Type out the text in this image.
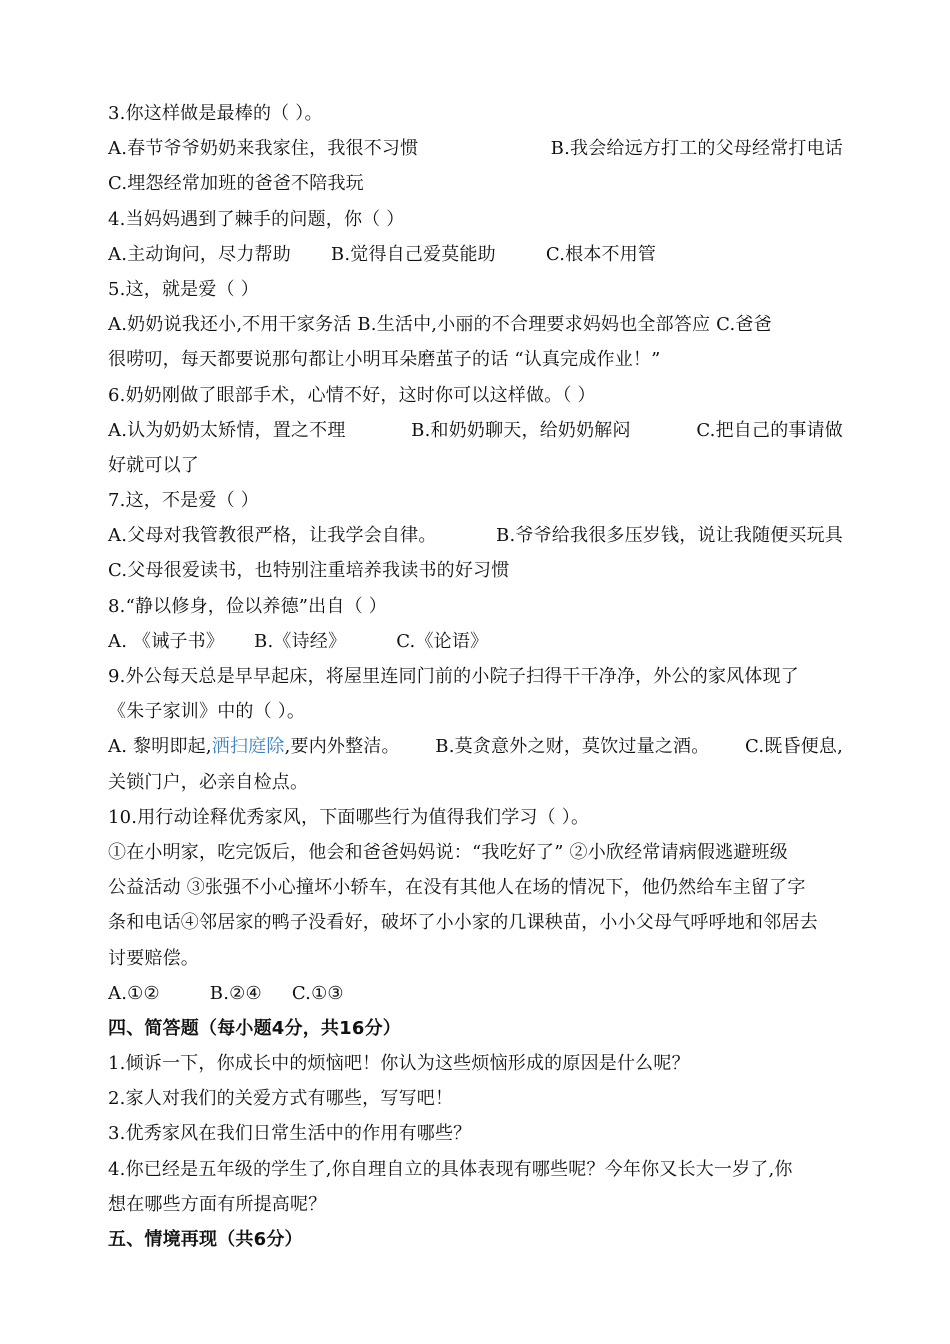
3.你这样做是最棒的（ ）。
A.春节爷爷奶奶来我家住，我很不习惯	B.我会给远方打工的父母经常打电话
C.埋怨经常加班的爸爸不陪我玩
4.当妈妈遇到了棘手的问题，你（ ）
A.主动询问，尽力帮助 B.觉得自己爱莫能助	C.根本不用管
5.这，就是爱（ ）
A.奶奶说我还小,不用干家务活 B.生活中,小丽的不合理要求妈妈也全部答应 C.爸爸
很唠叨，每天都要说那句都让小明耳朵磨茧子的话 “认真完成作业！”
6.奶奶刚做了眼部手术，心情不好，这时你可以这样做。（ ）
A.认为奶奶太矫情，置之不理	B.和奶奶聊天，给奶奶解闷	C.把自己的事请做
好就可以了
7.这，不是爱（ ）
A.父母对我管教很严格，让我学会自律。	B.爷爷给我很多压岁钱，说让我随便买玩具
C.父母很爱读书，也特别注重培养我读书的好习惯
8.“静以修身，俭以养德”出自（ ）
A. 《诫子书》 B.《诗经》	C.《论语》
9.外公每天总是早早起床，将屋里连同门前的小院子扫得干干净净，外公的家风体现了
《朱子家训》中的（ ）。
A. 黎明即起,洒扫庭除,要内外整洁。 B.莫贪意外之财，莫饮过量之酒。 C.既昏便息,
关锁门户，必亲自检点。
10.用行动诠释优秀家风，下面哪些行为值得我们学习（ ）。
①在小明家，吃完饭后，他会和爸爸妈妈说：“我吃好了” ②小欣经常请病假逃避班级
公益活动 ③张强不小心撞坏小轿车，在没有其他人在场的情况下，他仍然给车主留了字
条和电话④邻居家的鸭子没看好，破坏了小小家的几课秧苗，小小父母气呼呼地和邻居去
讨要赔偿。
A.①②	B.②④ C.①③
四、简答题（每小题4分，共16分）
1.倾诉一下，你成长中的烦恼吧！你认为这些烦恼形成的原因是什么呢？
2.家人对我们的关爱方式有哪些，写写吧！
3.优秀家风在我们日常生活中的作用有哪些？
4.你已经是五年级的学生了,你自理自立的具体表现有哪些呢？今年你又长大一岁了,你
想在哪些方面有所提高呢？
五、情境再现（共6分）
